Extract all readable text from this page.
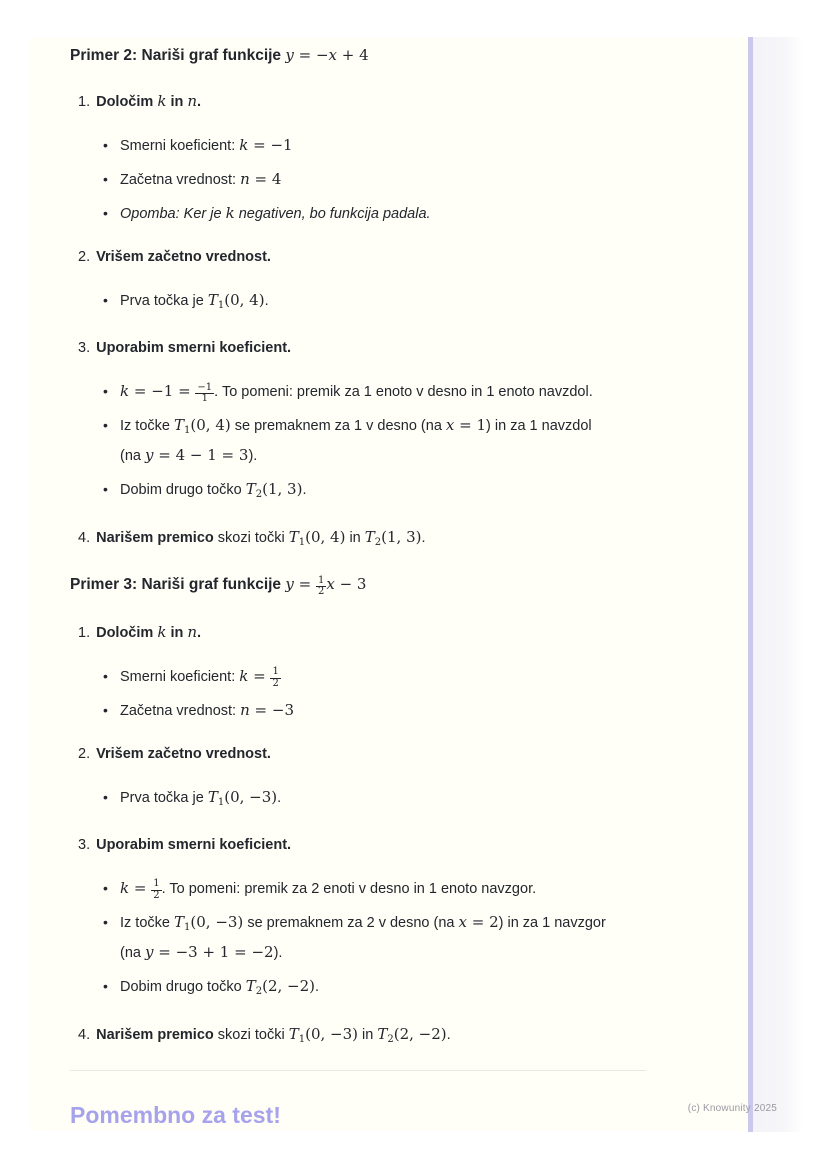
Primer 2: Nariši graf funkcije y = −x + 4
1. Določim k in n.
• Smerni koeficient: k = −1
• Začetna vrednost: n = 4
• Opomba: Ker je k negativen, bo funkcija padala.
2. Vrišem začetno vrednost.
• Prva točka je $T_1(0$, 4).
3. Uporabim smerni koeficient.
• $k = -1 = \frac{-1}{1}$ . To pomeni: premik za 1 enoto v desno in 1 enoto navzdol.
• Iz točke $T_1(0$, 4) se premaknem za 1 v desno (na x = 1) in za 1 navzdol
(na y = 4 − 1 = 3).
• Dobim drugo točko $T_2(1$, 3).
4. Narišem premico skozi točki $T_1(0$, 4) in $T_2(1$, 3).
Primer 3: Nariši graf funkcije $y = \frac{1}{2}$ x − 3
1. Določim k in n.
• Smerni koeficient: $k = \frac{1}{2}$
• Začetna vrednost: n = −3
2. Vrišem začetno vrednost.
• Prva točka je $T_1(0$, −3).
3. Uporabim smerni koeficient.
• $k = \frac{1}{2}$ . To pomeni: premik za 2 enoti v desno in 1 enoto navzgor.
• Iz točke $T_1(0$, −3) se premaknem za 2 v desno (na x = 2) in za 1 navzgor
(na y = −3 + 1 = −2).
• Dobim drugo točko $T_2(2$, −2).
4. Narišem premico skozi točki $T_1(0$, −3) in $T_2(2$, −2).
Pomembno za test!	(c) Knowunity 2025
